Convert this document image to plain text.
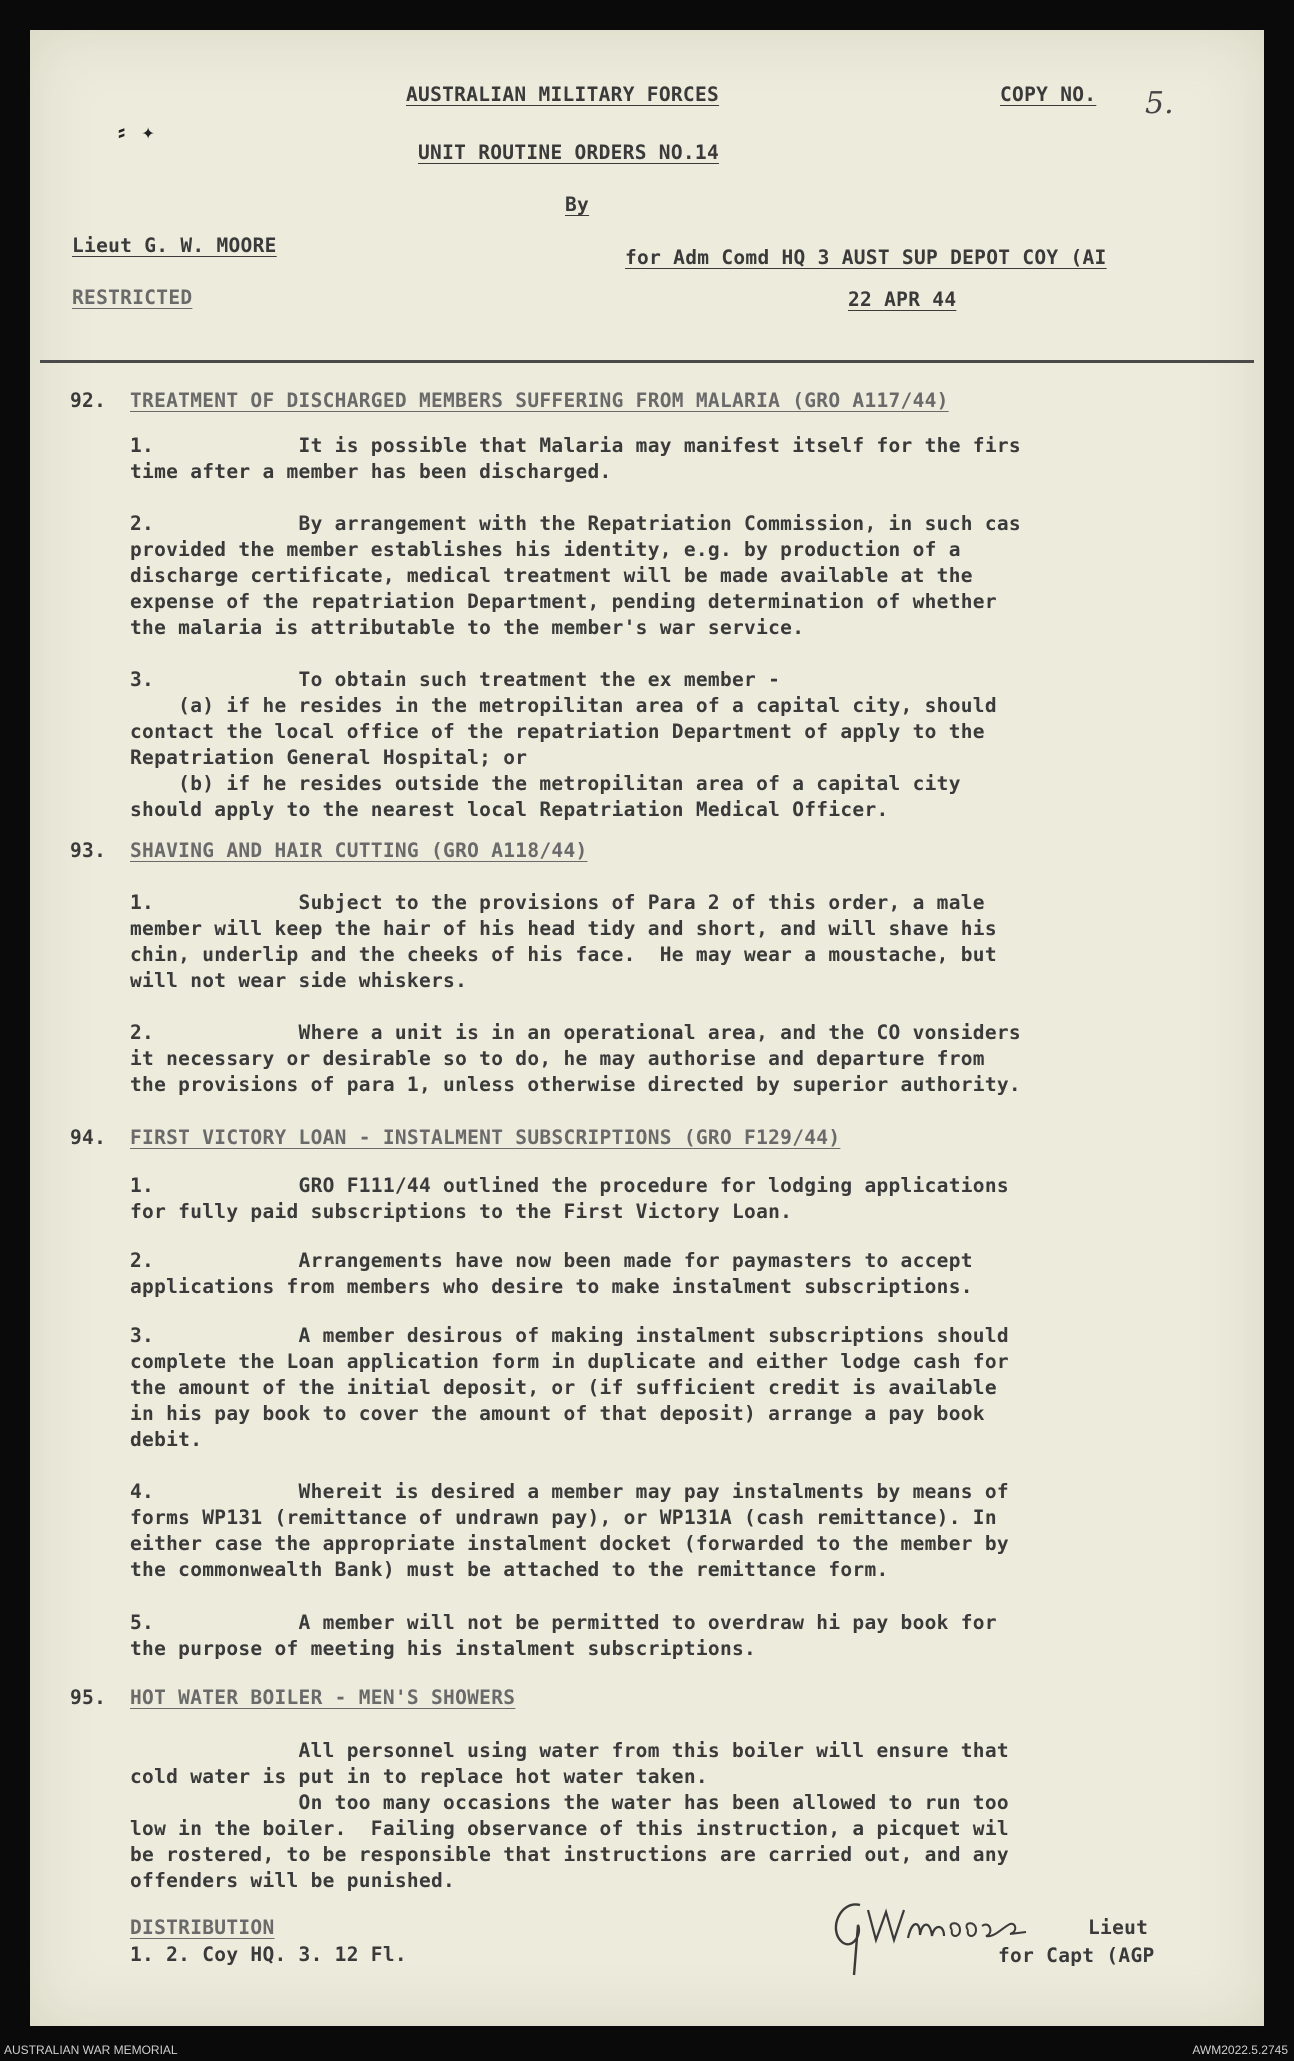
⸗ ✦
AUSTRALIAN MILITARY FORCES	COPY NO. 5.
UNIT ROUTINE ORDERS NO.14
By
Lieut G. W. MOORE
for Adm Comd HQ 3 AUST SUP DEPOT COY (AI
RESTRICTED	22 APR 44
92. TREATMENT OF DISCHARGED MEMBERS SUFFERING FROM MALARIA (GRO A117/44)
1.            It is possible that Malaria may manifest itself for the firs
time after a member has been discharged.
2.            By arrangement with the Repatriation Commission, in such cas
provided the member establishes his identity, e.g. by production of a
discharge certificate, medical treatment will be made available at the
expense of the repatriation Department, pending determination of whether
the malaria is attributable to the member's war service.
3.            To obtain such treatment the ex member -
(a) if he resides in the metropilitan area of a capital city, should
contact the local office of the repatriation Department of apply to the
Repatriation General Hospital; or
(b) if he resides outside the metropilitan area of a capital city
should apply to the nearest local Repatriation Medical Officer.
93. SHAVING AND HAIR CUTTING (GRO A118/44)
1.            Subject to the provisions of Para 2 of this order, a male
member will keep the hair of his head tidy and short, and will shave his
chin, underlip and the cheeks of his face.  He may wear a moustache, but
will not wear side whiskers.
2.            Where a unit is in an operational area, and the CO vonsiders
it necessary or desirable so to do, he may authorise and departure from
the provisions of para 1, unless otherwise directed by superior authority.
94. FIRST VICTORY LOAN - INSTALMENT SUBSCRIPTIONS (GRO F129/44)
1.            GRO F111/44 outlined the procedure for lodging applications
for fully paid subscriptions to the First Victory Loan.
2.            Arrangements have now been made for paymasters to accept
applications from members who desire to make instalment subscriptions.
3.            A member desirous of making instalment subscriptions should
complete the Loan application form in duplicate and either lodge cash for
the amount of the initial deposit, or (if sufficient credit is available
in his pay book to cover the amount of that deposit) arrange a pay book
debit.
4.            Whereit is desired a member may pay instalments by means of
forms WP131 (remittance of undrawn pay), or WP131A (cash remittance). In
either case the appropriate instalment docket (forwarded to the member by
the commonwealth Bank) must be attached to the remittance form.
5.            A member will not be permitted to overdraw hi pay book for
the purpose of meeting his instalment subscriptions.
95. HOT WATER BOILER - MEN'S SHOWERS
All personnel using water from this boiler will ensure that
cold water is put in to replace hot water taken.
On too many occasions the water has been allowed to run too
low in the boiler.  Failing observance of this instruction, a picquet wil
be rostered, to be responsible that instructions are carried out, and any
offenders will be punished.
DISTRIBUTION
1. 2. Coy HQ. 3. 12 Fl.
Lieut
for Capt (AGP
AUSTRALIAN WAR MEMORIAL	AWM2022.5.2745
